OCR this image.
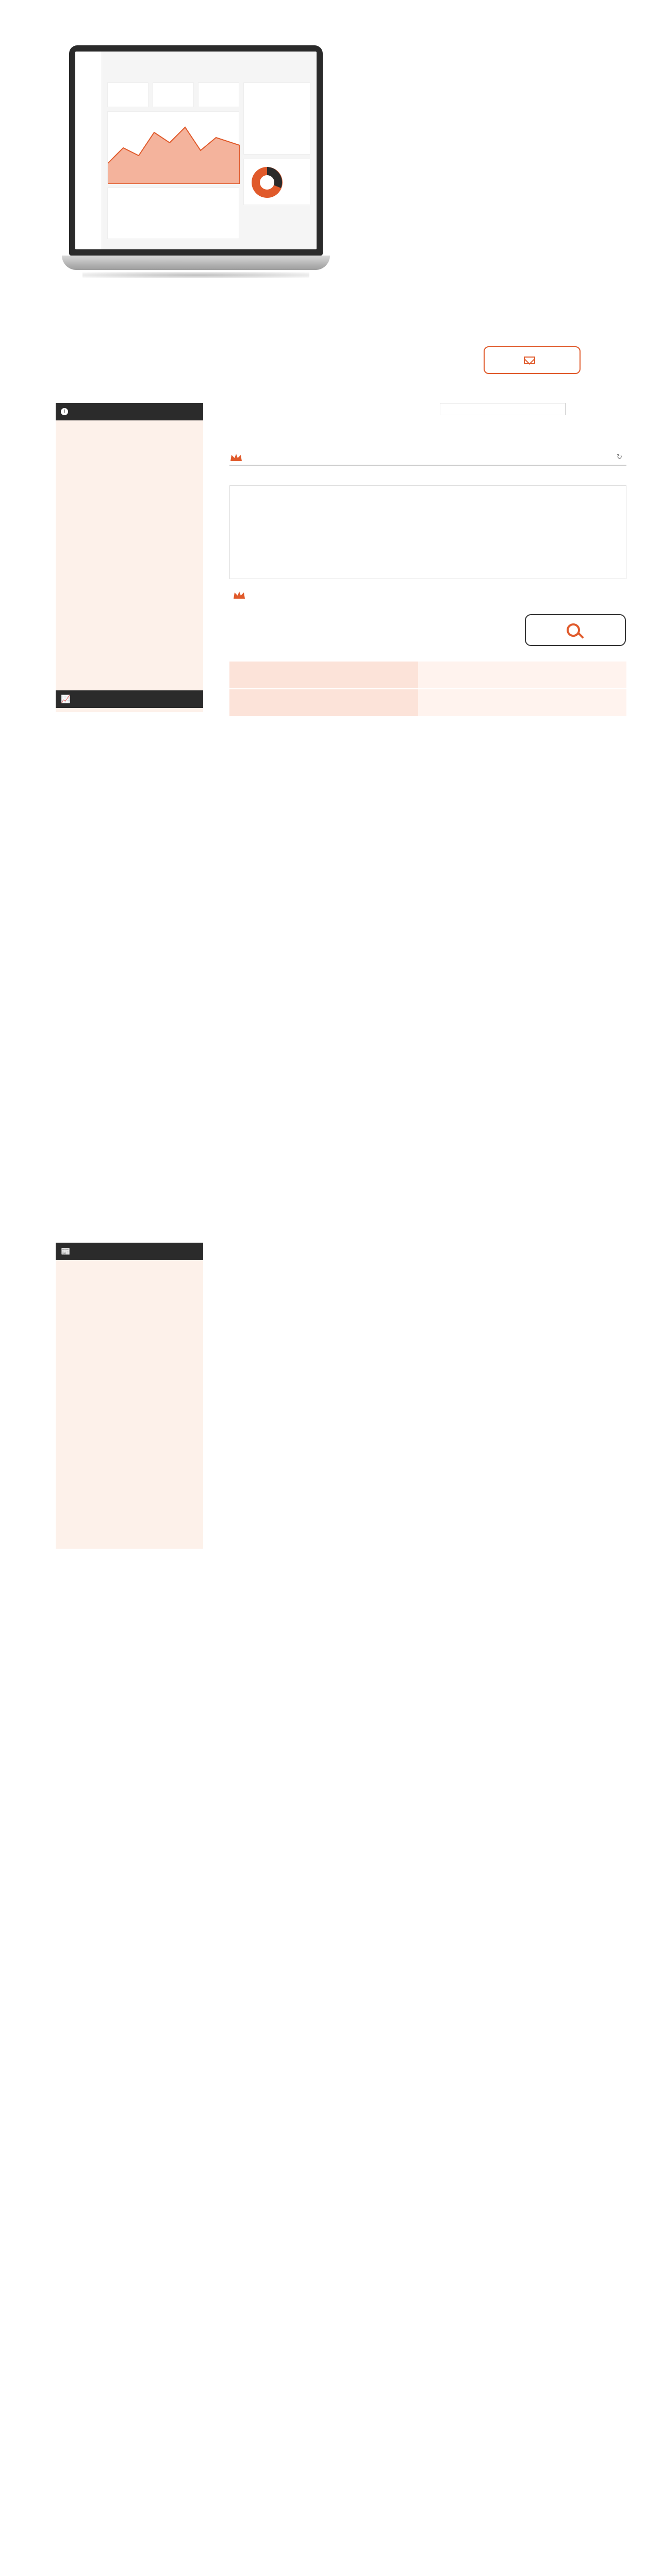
i
📈
📰
↻
